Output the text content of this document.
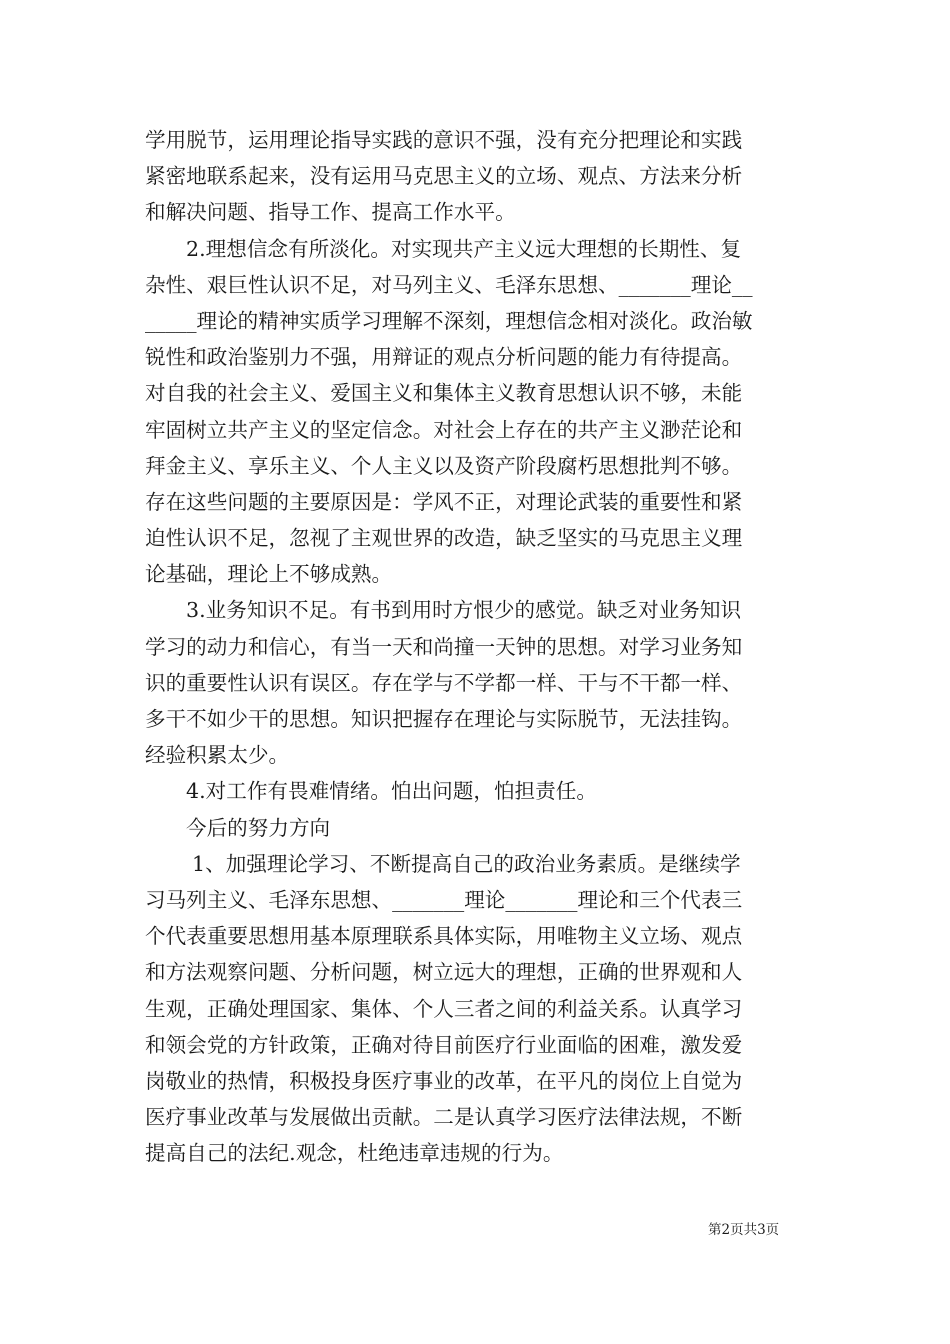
学用脱节，运用理论指导实践的意识不强，没有充分把理论和实践
紧密地联系起来，没有运用马克思主义的立场、观点、方法来分析
和解决问题、指导工作、提高工作水平。
2.理想信念有所淡化。对实现共产主义远大理想的长期性、复
杂性、艰巨性认识不足，对马列主义、毛泽东思想、_______理论__
_____理论的精神实质学习理解不深刻，理想信念相对淡化。政治敏
锐性和政治鉴别力不强，用辩证的观点分析问题的能力有待提高。
对自我的社会主义、爱国主义和集体主义教育思想认识不够，未能
牢固树立共产主义的坚定信念。对社会上存在的共产主义渺茫论和
拜金主义、享乐主义、个人主义以及资产阶段腐朽思想批判不够。
存在这些问题的主要原因是：学风不正，对理论武装的重要性和紧
迫性认识不足，忽视了主观世界的改造，缺乏坚实的马克思主义理
论基础，理论上不够成熟。
3.业务知识不足。有书到用时方恨少的感觉。缺乏对业务知识
学习的动力和信心，有当一天和尚撞一天钟的思想。对学习业务知
识的重要性认识有误区。存在学与不学都一样、干与不干都一样、
多干不如少干的思想。知识把握存在理论与实际脱节，无法挂钩。
经验积累太少。
4.对工作有畏难情绪。怕出问题，怕担责任。
今后的努力方向
1、加强理论学习、不断提高自己的政治业务素质。是继续学
习马列主义、毛泽东思想、_______理论_______理论和三个代表三
个代表重要思想用基本原理联系具体实际，用唯物主义立场、观点
和方法观察问题、分析问题，树立远大的理想，正确的世界观和人
生观，正确处理国家、集体、个人三者之间的利益关系。认真学习
和领会党的方针政策，正确对待目前医疗行业面临的困难，激发爱
岗敬业的热情，积极投身医疗事业的改革，在平凡的岗位上自觉为
医疗事业改革与发展做出贡献。二是认真学习医疗法律法规，不断
提高自己的法纪.观念，杜绝违章违规的行为。
第2页共3页
